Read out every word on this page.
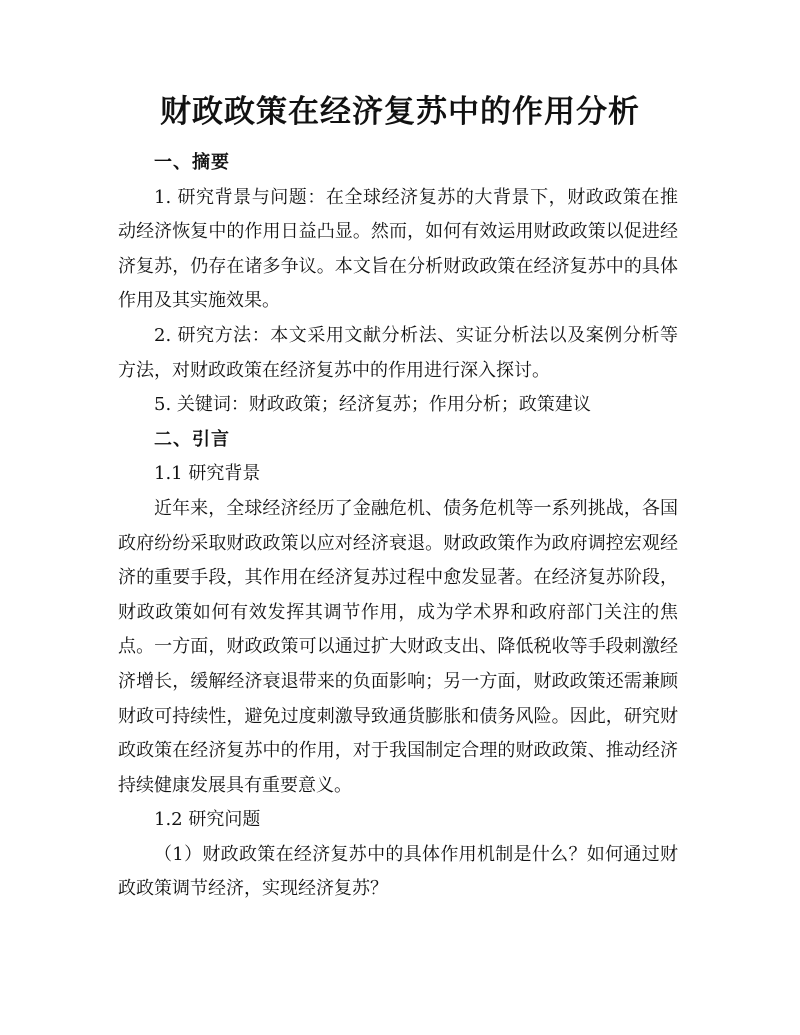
财政政策在经济复苏中的作用分析

一、摘要

1. 研究背景与问题：在全球经济复苏的大背景下，财政政策在推动经济恢复中的作用日益凸显。然而，如何有效运用财政政策以促进经济复苏，仍存在诸多争议。本文旨在分析财政政策在经济复苏中的具体作用及其实施效果。

2. 研究方法：本文采用文献分析法、实证分析法以及案例分析等方法，对财政政策在经济复苏中的作用进行深入探讨。

5. 关键词：财政政策；经济复苏；作用分析；政策建议

二、引言

1.1 研究背景

近年来，全球经济经历了金融危机、债务危机等一系列挑战，各国政府纷纷采取财政政策以应对经济衰退。财政政策作为政府调控宏观经济的重要手段，其作用在经济复苏过程中愈发显著。在经济复苏阶段，财政政策如何有效发挥其调节作用，成为学术界和政府部门关注的焦点。一方面，财政政策可以通过扩大财政支出、降低税收等手段刺激经济增长，缓解经济衰退带来的负面影响；另一方面，财政政策还需兼顾财政可持续性，避免过度刺激导致通货膨胀和债务风险。因此，研究财政政策在经济复苏中的作用，对于我国制定合理的财政政策、推动经济持续健康发展具有重要意义。

1.2 研究问题

（1）财政政策在经济复苏中的具体作用机制是什么？如何通过财政政策调节经济，实现经济复苏？
